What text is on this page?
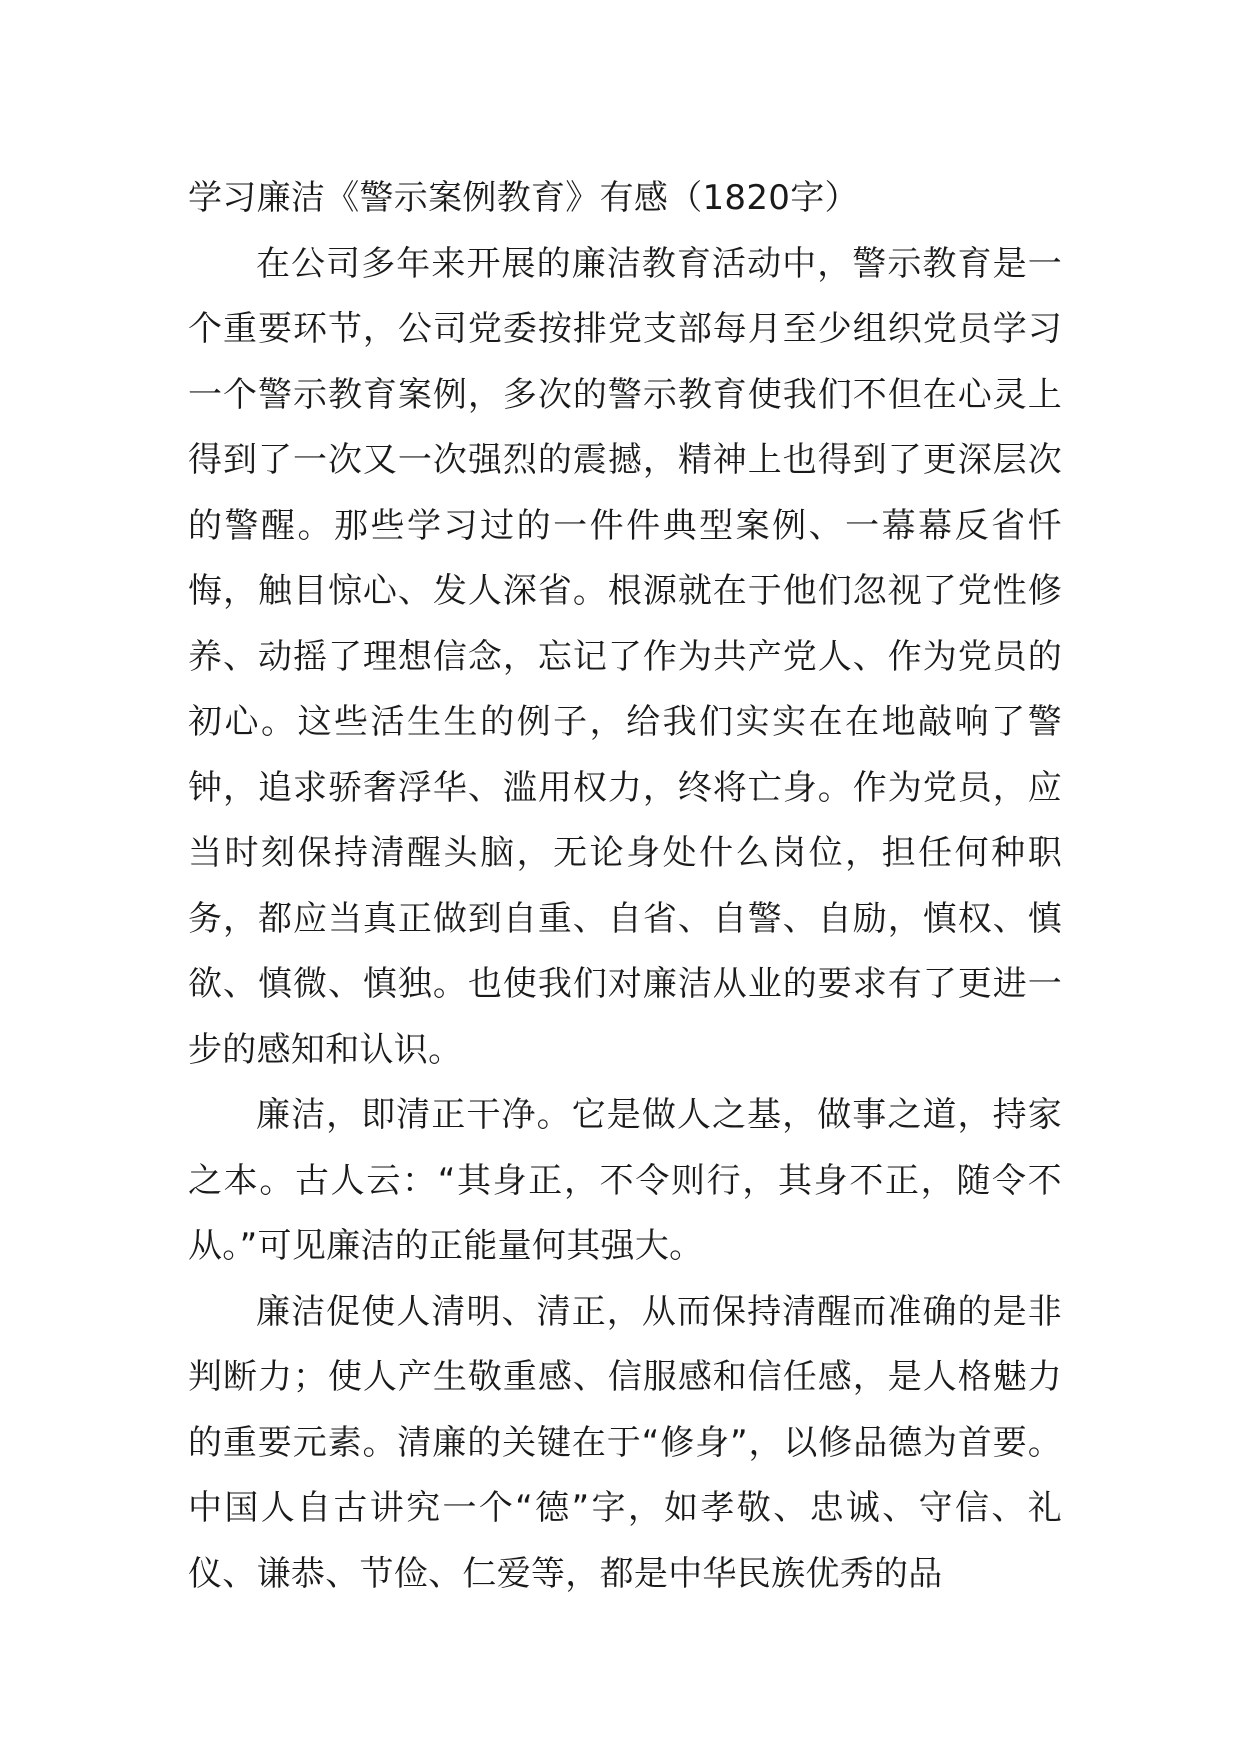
学习廉洁《警示案例教育》有感（1820字）

在公司多年来开展的廉洁教育活动中，警示教育是一个重要环节，公司党委按排党支部每月至少组织党员学习一个警示教育案例，多次的警示教育使我们不但在心灵上得到了一次又一次强烈的震撼，精神上也得到了更深层次的警醒。那些学习过的一件件典型案例、一幕幕反省忏悔，触目惊心、发人深省。根源就在于他们忽视了党性修养、动摇了理想信念，忘记了作为共产党人、作为党员的初心。这些活生生的例子，给我们实实在在地敲响了警钟，追求骄奢浮华、滥用权力，终将亡身。作为党员，应当时刻保持清醒头脑，无论身处什么岗位，担任何种职务，都应当真正做到自重、自省、自警、自励，慎权、慎欲、慎微、慎独。也使我们对廉洁从业的要求有了更进一步的感知和认识。

廉洁，即清正干净。它是做人之基，做事之道，持家之本。古人云：“其身正，不令则行，其身不正，随令不从。”可见廉洁的正能量何其强大。

廉洁促使人清明、清正，从而保持清醒而准确的是非判断力；使人产生敬重感、信服感和信任感，是人格魅力的重要元素。清廉的关键在于“修身”，以修品德为首要。中国人自古讲究一个“德”字，如孝敬、忠诚、守信、礼仪、谦恭、节俭、仁爱等，都是中华民族优秀的品
